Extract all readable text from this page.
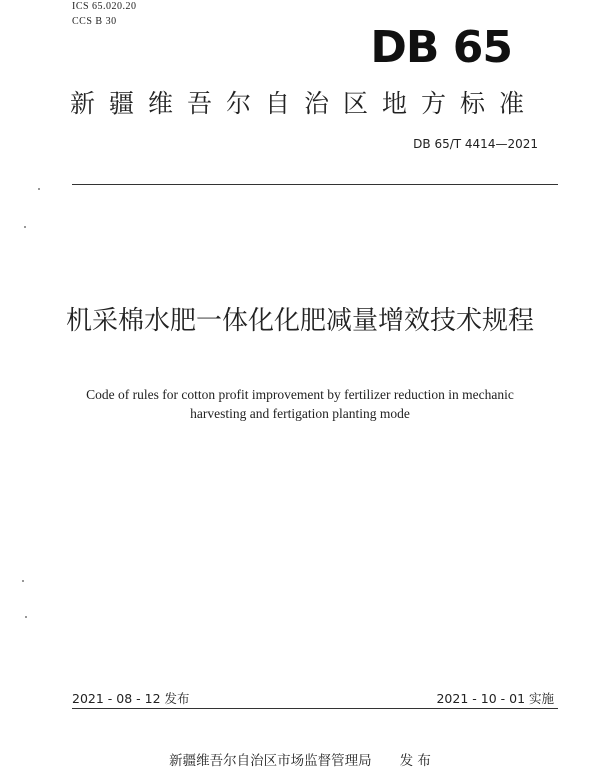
ICS 65.020.20
CCS B 30
DB 65
新疆维吾尔自治区地方标准
DB 65/T 4414—2021
机采棉水肥一体化化肥减量增效技术规程
Code of rules for cotton profit improvement by fertilizer reduction in mechanic
harvesting and fertigation planting mode
2021 - 08 - 12 发布	2021 - 10 - 01 实施
新疆维吾尔自治区市场监督管理局 发 布
